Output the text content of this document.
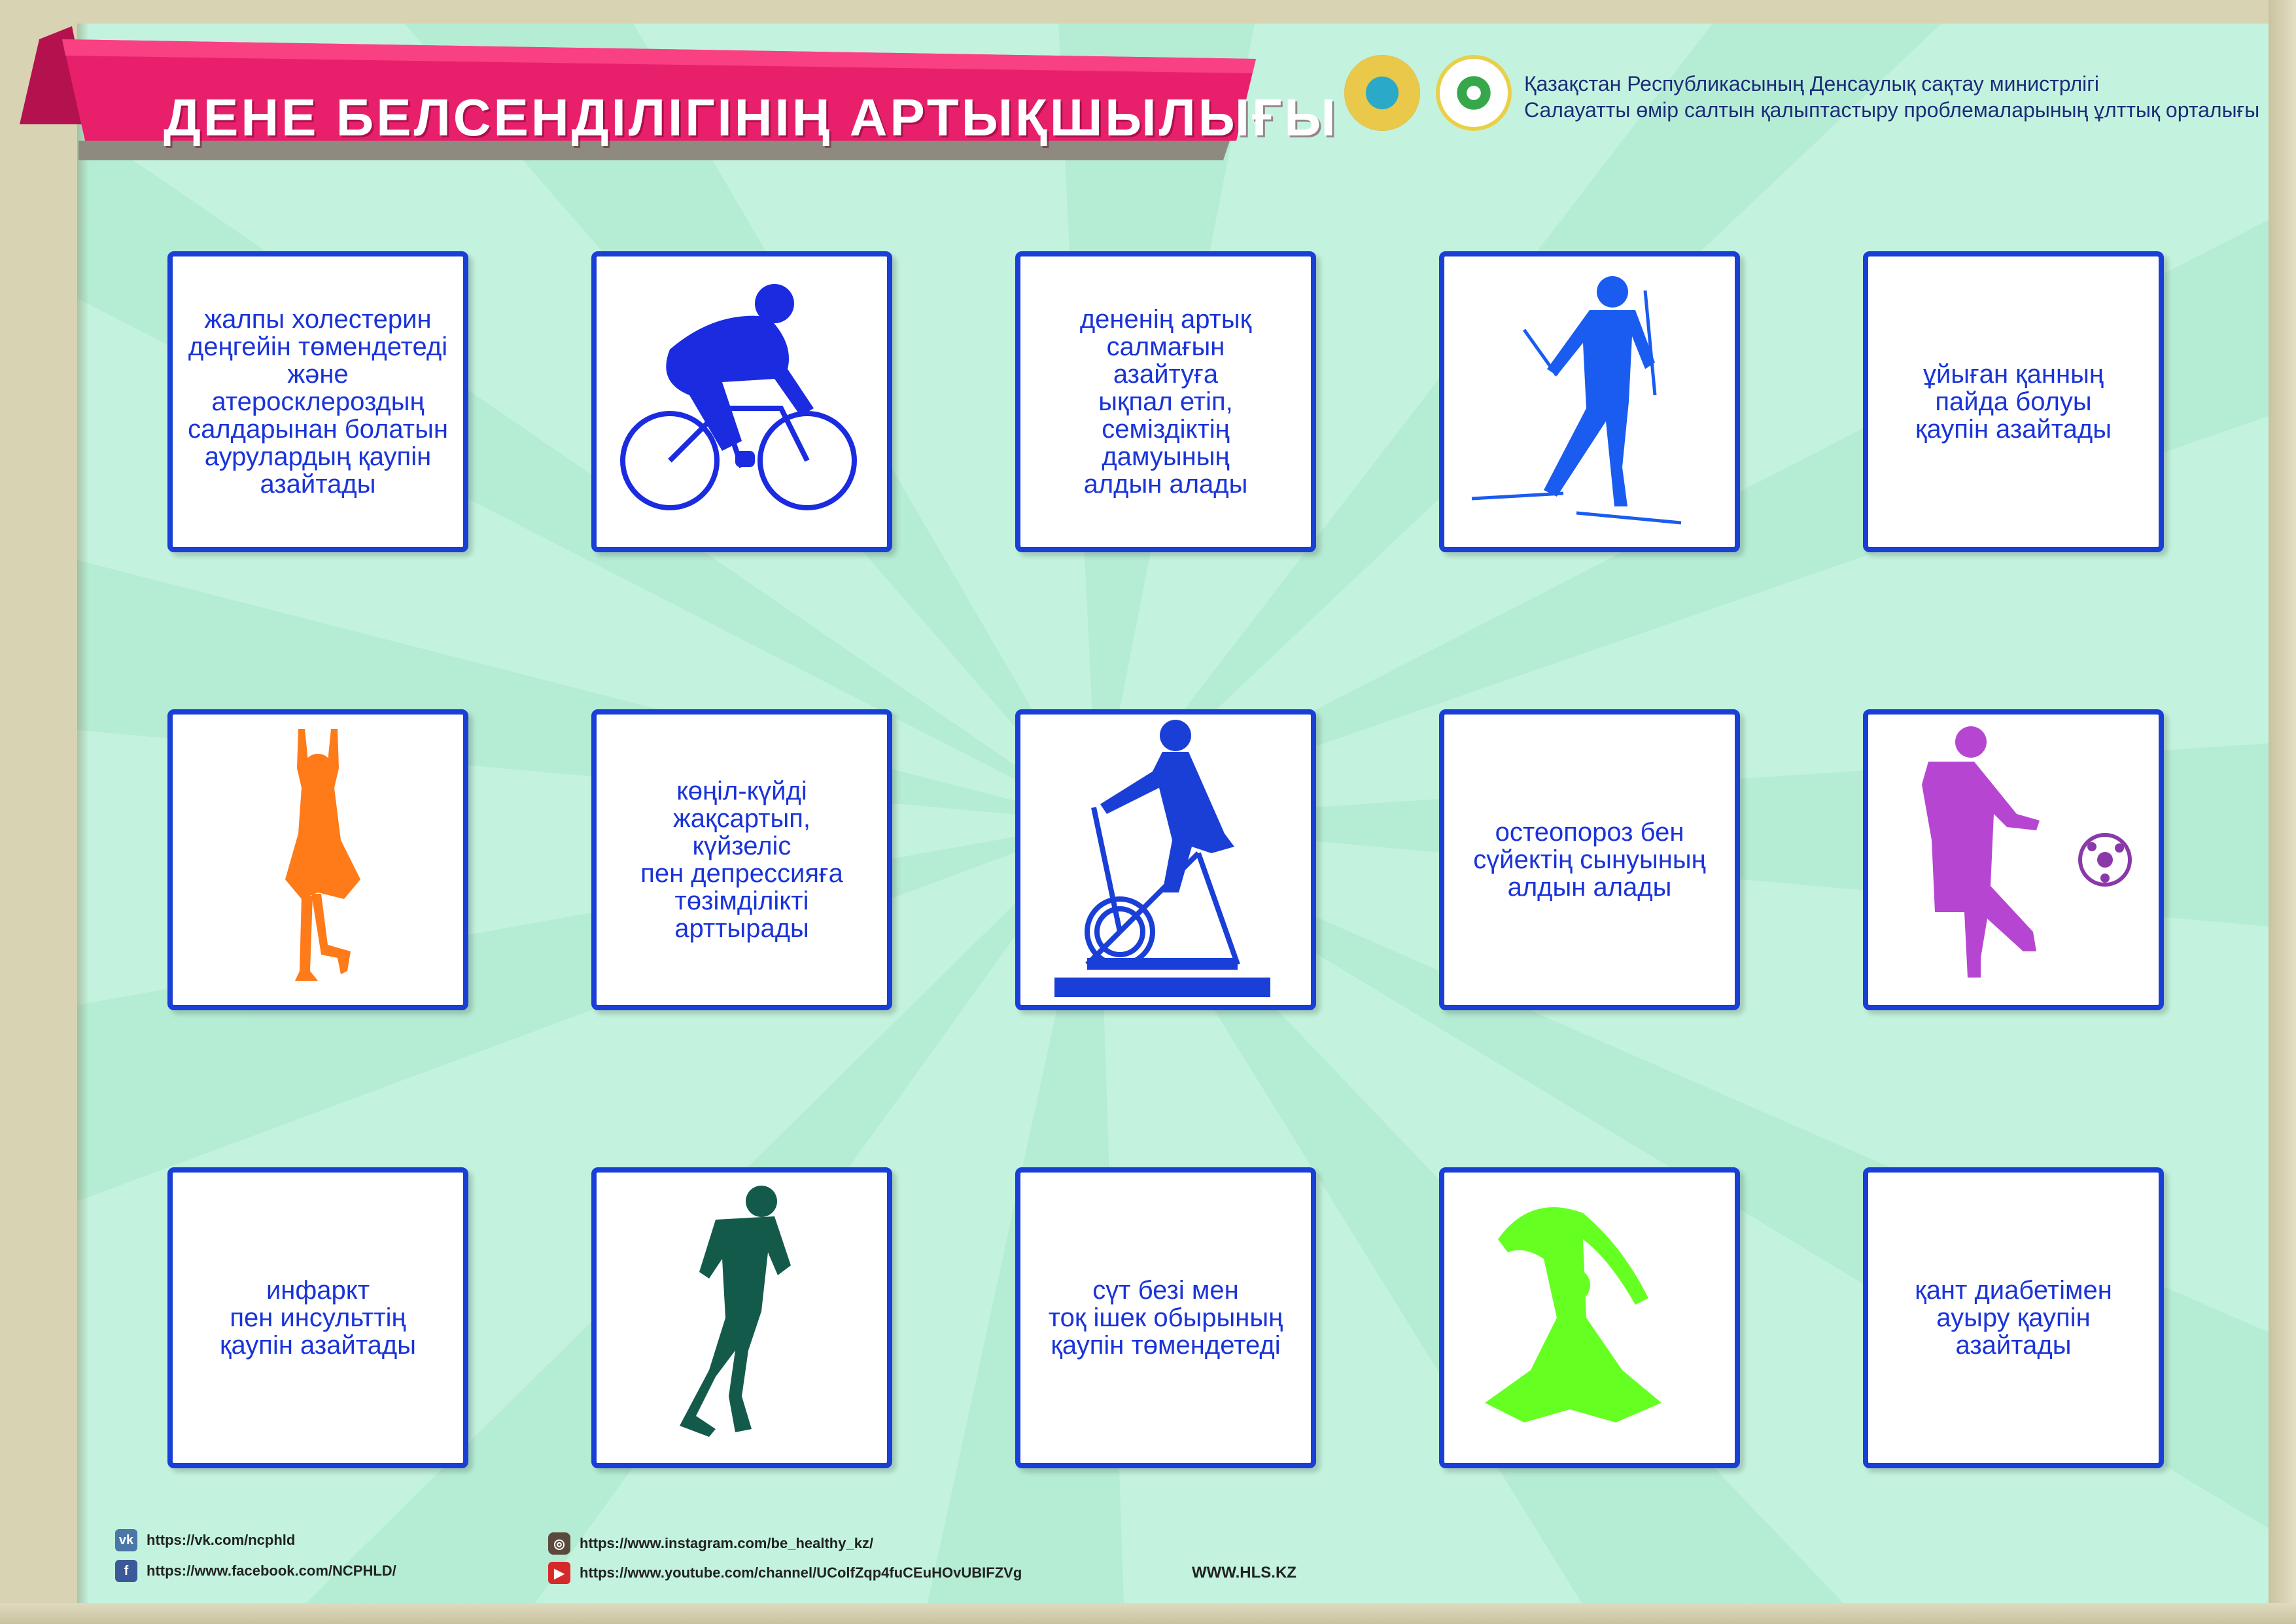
ДЕНЕ БЕЛСЕНДІЛІГІНІҢ АРТЫҚШЫЛЫҒЫ
Қазақстан Республикасының Денсаулық сақтау министрлігі
Салауатты өмір салтын қалыптастыру проблемаларының ұлттық орталығы
жалпы холестерин
деңгейін төмендетеді
және
атеросклероздың
салдарынан болатын
аурулардың қаупін
азайтады
дененің артық
салмағын
азайтуға
ықпал етіп,
семіздіктің
дамуының
алдын алады
ұйыған қанның
пайда болуы
қаупін азайтады
көңіл-күйді
жақсартып,
күйзеліс
пен депрессияға
төзімділікті
арттырады
остеопороз бен
сүйектің сынуының
алдын алады
инфаркт
пен инсульттің
қаупін азайтады
сүт безі мен
тоқ ішек обырының
қаупін төмендетеді
қант диабетімен
ауыру қаупін
азайтады
vk https://vk.com/ncphld
f	https://www.facebook.com/NCPHLD/
◎	https://www.instagram.com/be_healthy_kz/
▶	https://www.youtube.com/channel/UColfZqp4fuCEuHOvUBIFZVg	WWW.HLS.KZ
